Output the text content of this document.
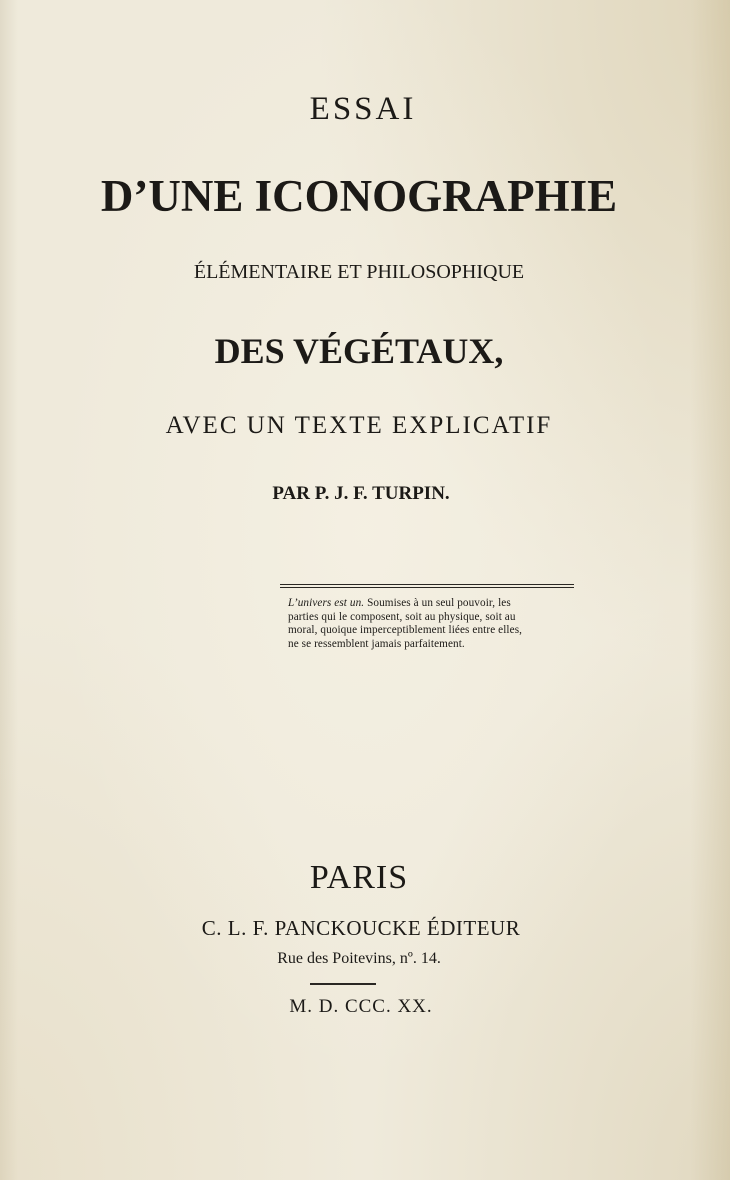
ESSAI
D’UNE ICONOGRAPHIE
ÉLÉMENTAIRE ET PHILOSOPHIQUE
DES VÉGÉTAUX,
AVEC UN TEXTE EXPLICATIF
PAR P. J. F. TURPIN.
L’univers est un. Soumises à un seul pouvoir, les
parties qui le composent, soit au physique, soit au
moral, quoique imperceptiblement liées entre elles,
ne se ressemblent jamais parfaitement.
PARIS
C. L. F. PANCKOUCKE ÉDITEUR
Rue des Poitevins, nº. 14.
M. D. CCC. XX.
